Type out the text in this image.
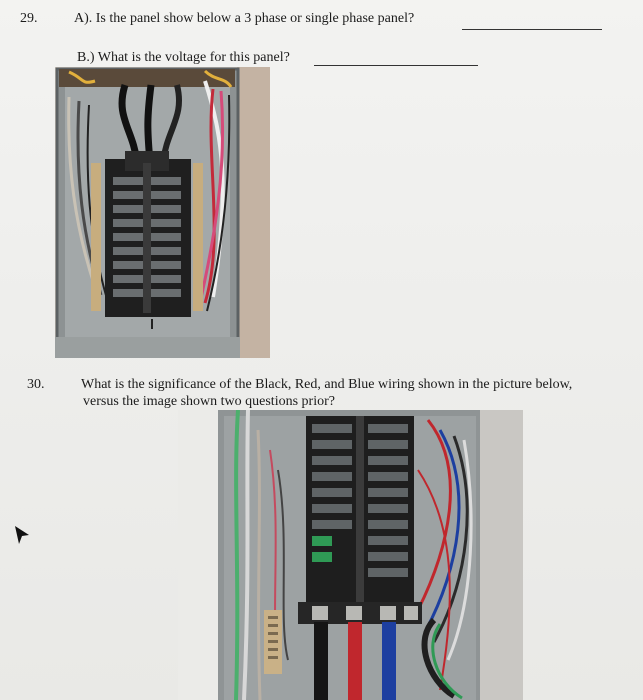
29.	A). Is the panel show below a 3 phase or single phase panel?
B.) What is the voltage for this panel?
30.	What is the significance of the Black, Red, and Blue wiring shown in the picture below,
versus the image shown two questions prior?
